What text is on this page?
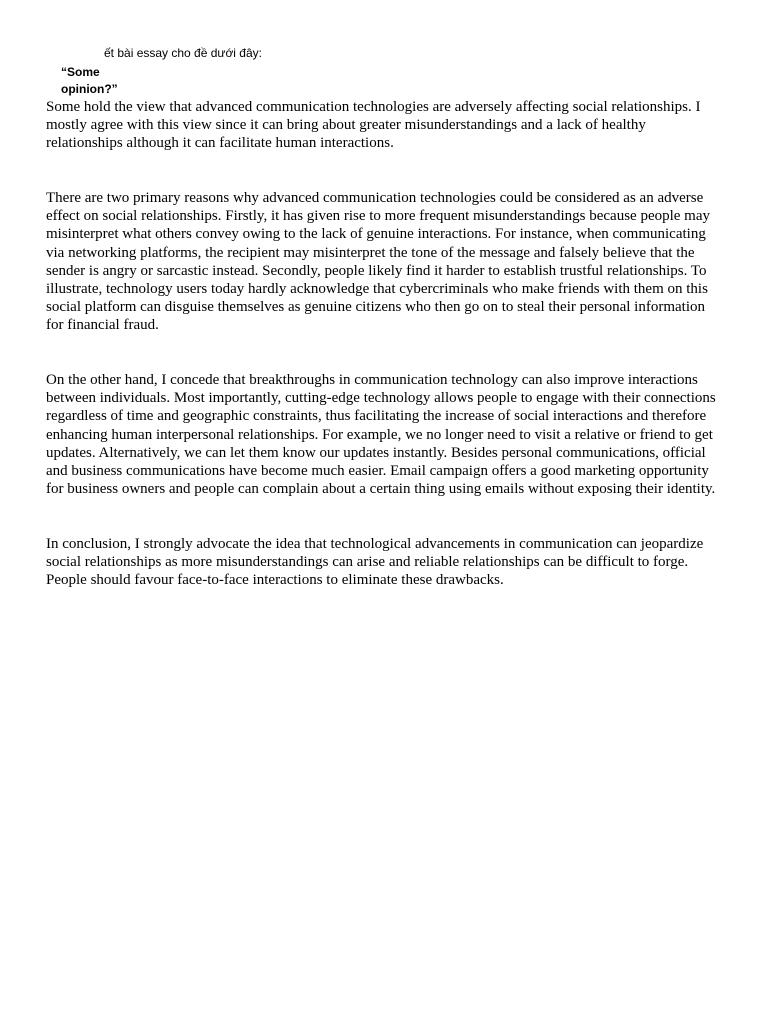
ết bài essay cho đề dưới đây:
“Some opinion?”

Some hold the view that advanced communication technologies are adversely affecting social relationships. I mostly agree with this view since it can bring about greater misunderstandings and a lack of healthy relationships although it can facilitate human interactions.

There are two primary reasons why advanced communication technologies could be considered as an adverse effect on social relationships. Firstly, it has given rise to more frequent misunderstandings because people may misinterpret what others convey owing to the lack of genuine interactions. For instance, when communicating via networking platforms, the recipient may misinterpret the tone of the message and falsely believe that the sender is angry or sarcastic instead. Secondly, people likely find it harder to establish trustful relationships. To illustrate, technology users today hardly acknowledge that cybercriminals who make friends with them on this social platform can disguise themselves as genuine citizens who then go on to steal their personal information for financial fraud.

On the other hand, I concede that breakthroughs in communication technology can also improve interactions between individuals. Most importantly, cutting-edge technology allows people to engage with their connections regardless of time and geographic constraints, thus facilitating the increase of social interactions and therefore enhancing human interpersonal relationships. For example, we no longer need to visit a relative or friend to get updates. Alternatively, we can let them know our updates instantly. Besides personal communications, official and business communications have become much easier. Email campaign offers a good marketing opportunity for business owners and people can complain about a certain thing using emails without exposing their identity.

In conclusion, I strongly advocate the idea that technological advancements in communication can jeopardize social relationships as more misunderstandings can arise and reliable relationships can be difficult to forge. People should favour face-to-face interactions to eliminate these drawbacks.
